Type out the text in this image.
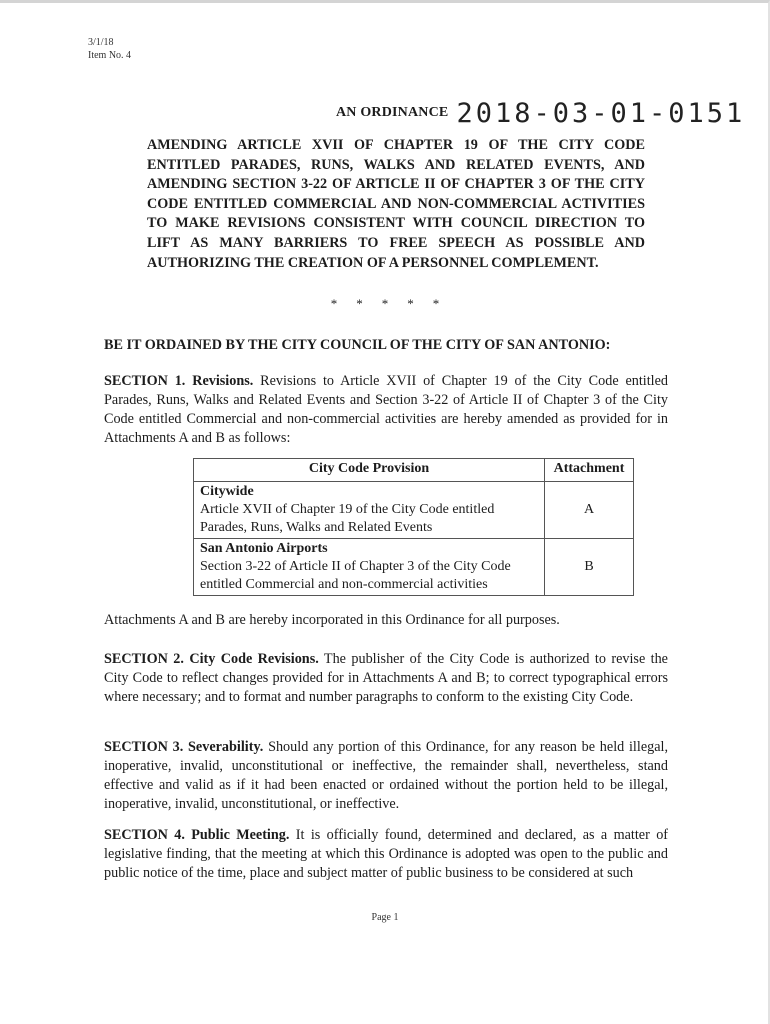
3/1/18
Item No. 4
AN ORDINANCE 2018-03-01-0151
AMENDING ARTICLE XVII OF CHAPTER 19 OF THE CITY CODE ENTITLED PARADES, RUNS, WALKS AND RELATED EVENTS, AND AMENDING SECTION 3-22 OF ARTICLE II OF CHAPTER 3 OF THE CITY CODE ENTITLED COMMERCIAL AND NON-COMMERCIAL ACTIVITIES TO MAKE REVISIONS CONSISTENT WITH COUNCIL DIRECTION TO LIFT AS MANY BARRIERS TO FREE SPEECH AS POSSIBLE AND AUTHORIZING THE CREATION OF A PERSONNEL COMPLEMENT.
*****
BE IT ORDAINED BY THE CITY COUNCIL OF THE CITY OF SAN ANTONIO:
SECTION 1. Revisions. Revisions to Article XVII of Chapter 19 of the City Code entitled Parades, Runs, Walks and Related Events and Section 3-22 of Article II of Chapter 3 of the City Code entitled Commercial and non-commercial activities are hereby amended as provided for in Attachments A and B as follows:
City Code Provision	Attachment

Citywide
Article XVII of Chapter 19 of the City Code entitled Parades, Runs, Walks and Related Events	A

San Antonio Airports
Section 3-22 of Article II of Chapter 3 of the City Code entitled Commercial and non-commercial activities	B
Attachments A and B are hereby incorporated in this Ordinance for all purposes.
SECTION 2. City Code Revisions. The publisher of the City Code is authorized to revise the City Code to reflect changes provided for in Attachments A and B; to correct typographical errors where necessary; and to format and number paragraphs to conform to the existing City Code.
SECTION 3. Severability. Should any portion of this Ordinance, for any reason be held illegal, inoperative, invalid, unconstitutional or ineffective, the remainder shall, nevertheless, stand effective and valid as if it had been enacted or ordained without the portion held to be illegal, inoperative, invalid, unconstitutional, or ineffective.
SECTION 4. Public Meeting. It is officially found, determined and declared, as a matter of legislative finding, that the meeting at which this Ordinance is adopted was open to the public and public notice of the time, place and subject matter of public business to be considered at such
Page 1
